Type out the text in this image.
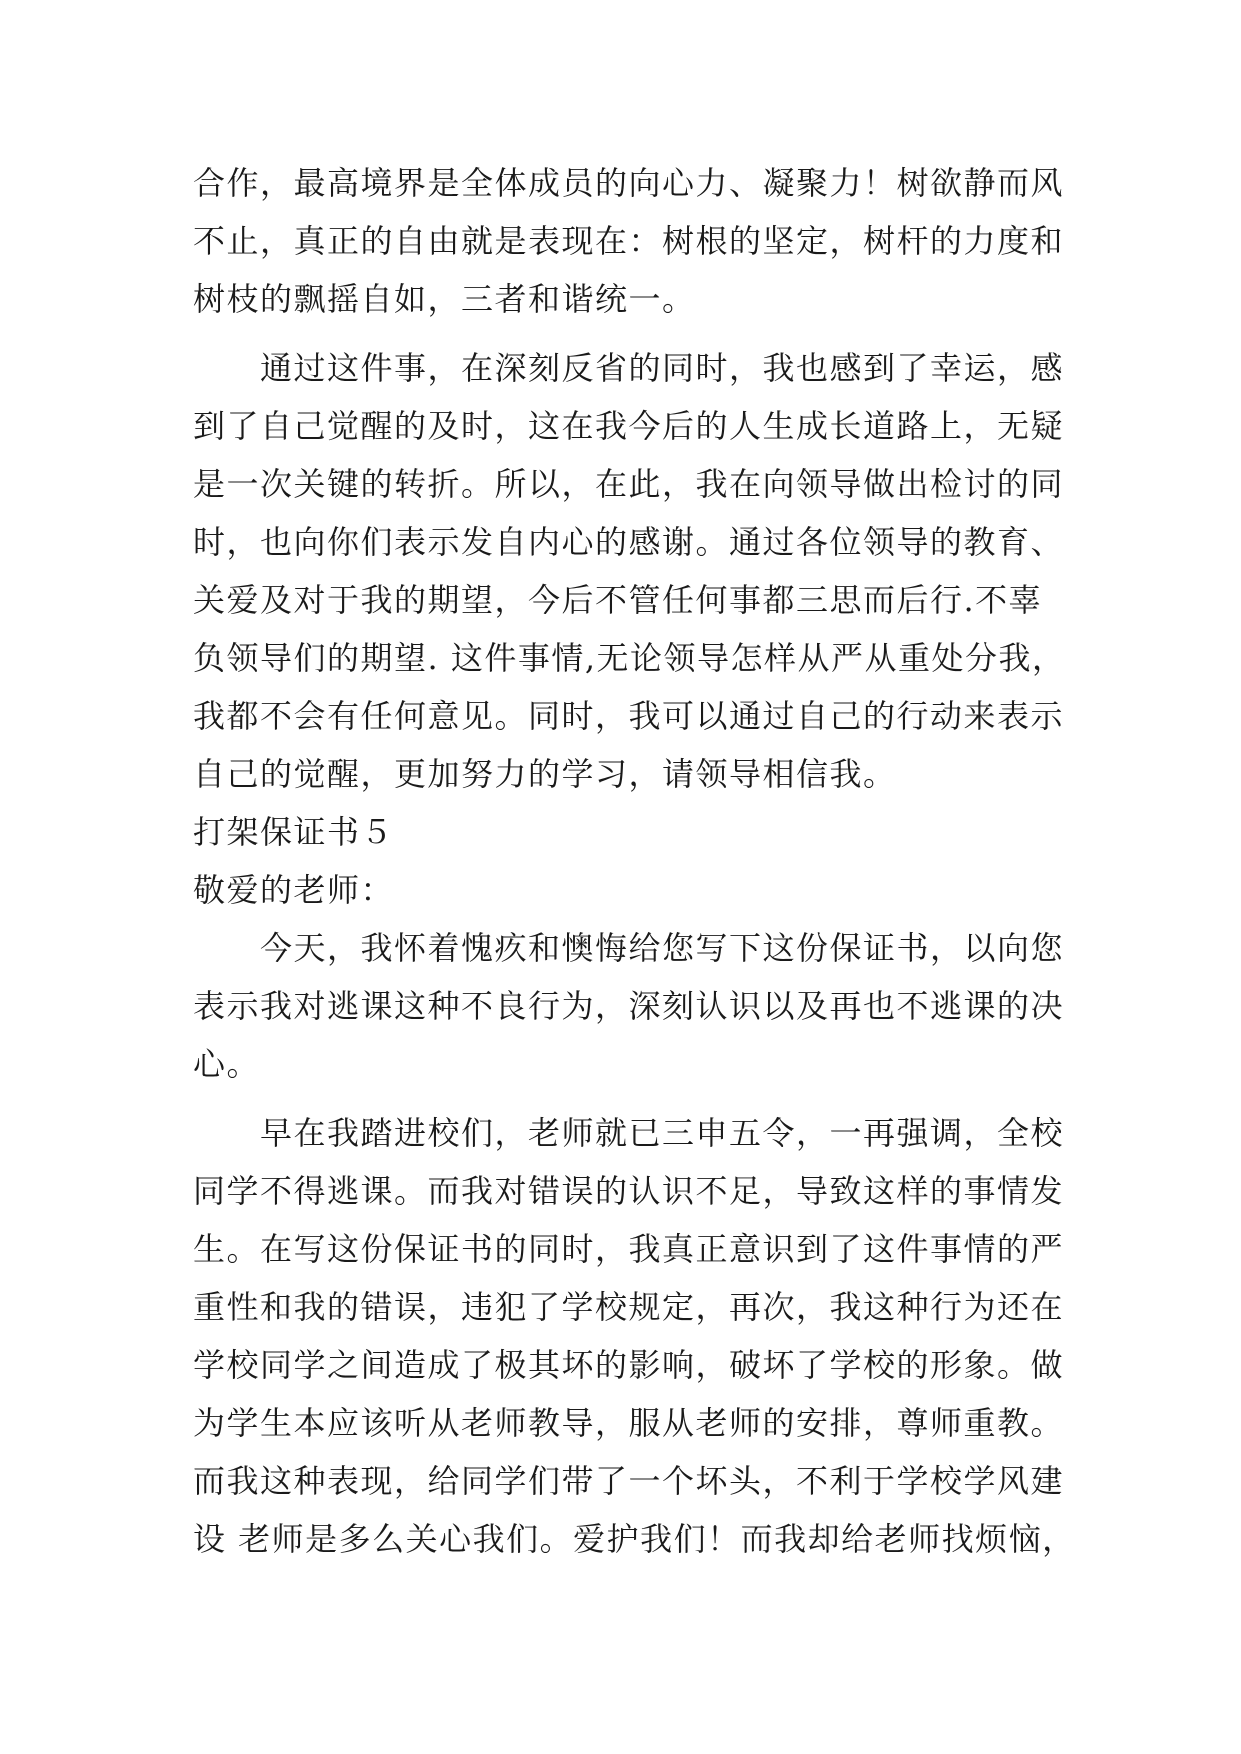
合作，最高境界是全体成员的向心力、凝聚力！树欲静而风
不止，真正的自由就是表现在：树根的坚定，树杆的力度和
树枝的飘摇自如，三者和谐统一。
　　通过这件事，在深刻反省的同时，我也感到了幸运，感
到了自己觉醒的及时，这在我今后的人生成长道路上，无疑
是一次关键的转折。所以，在此，我在向领导做出检讨的同
时，也向你们表示发自内心的感谢。通过各位领导的教育、
关爱及对于我的期望，今后不管任何事都三思而后行.不辜
负领导们的期望. 这件事情,无论领导怎样从严从重处分我，
我都不会有任何意见。同时，我可以通过自己的行动来表示
自己的觉醒，更加努力的学习，请领导相信我。
打架保证书５
敬爱的老师：
　　今天，我怀着愧疚和懊悔给您写下这份保证书，以向您
表示我对逃课这种不良行为，深刻认识以及再也不逃课的决
心。
　　早在我踏进校们，老师就已三申五令，一再强调，全校
同学不得逃课。而我对错误的认识不足，导致这样的事情发
生。在写这份保证书的同时，我真正意识到了这件事情的严
重性和我的错误，违犯了学校规定，再次，我这种行为还在
学校同学之间造成了极其坏的影响，破坏了学校的形象。做
为学生本应该听从老师教导，服从老师的安排，尊师重教。
而我这种表现，给同学们带了一个坏头，不利于学校学风建
设 老师是多么关心我们。爱护我们！而我却给老师找烦恼，
